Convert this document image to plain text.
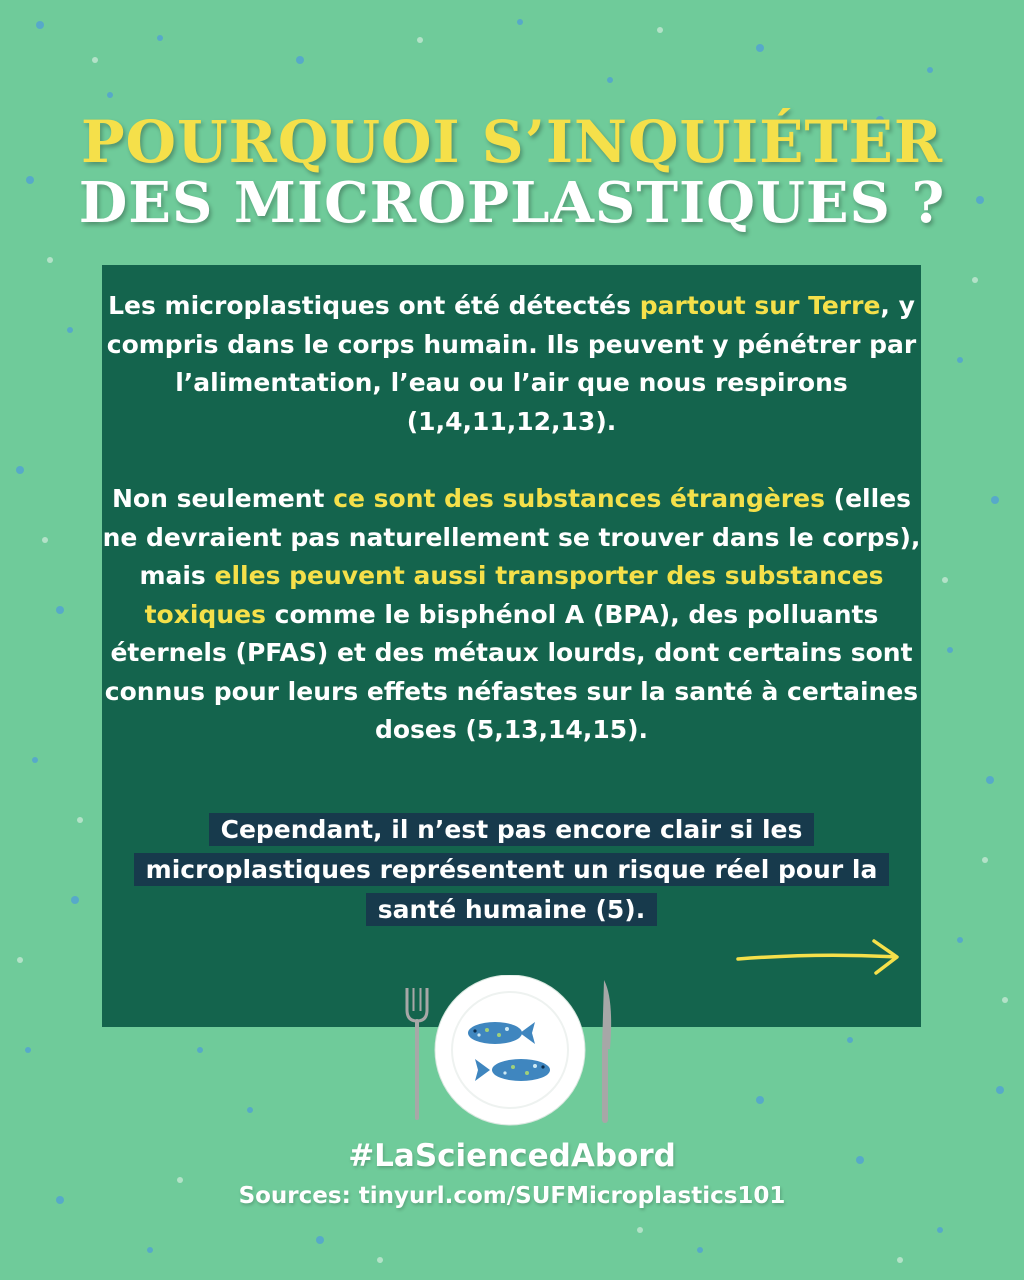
POURQUOI S’INQUIÉTER
DES MICROPLASTIQUES ?

Les microplastiques ont été détectés partout sur Terre, y compris dans le corps humain. Ils peuvent y pénétrer par l’alimentation, l’eau ou l’air que nous respirons (1,4,11,12,13).

Non seulement ce sont des substances étrangères (elles ne devraient pas naturellement se trouver dans le corps), mais elles peuvent aussi transporter des substances toxiques comme le bisphénol A (BPA), des polluants éternels (PFAS) et des métaux lourds, dont certains sont connus pour leurs effets néfastes sur la santé à certaines doses (5,13,14,15).

Cependant, il n’est pas encore clair si les microplastiques représentent un risque réel pour la santé humaine (5).

#LaSciencedAbord

Sources: tinyurl.com/SUFMicroplastics101
